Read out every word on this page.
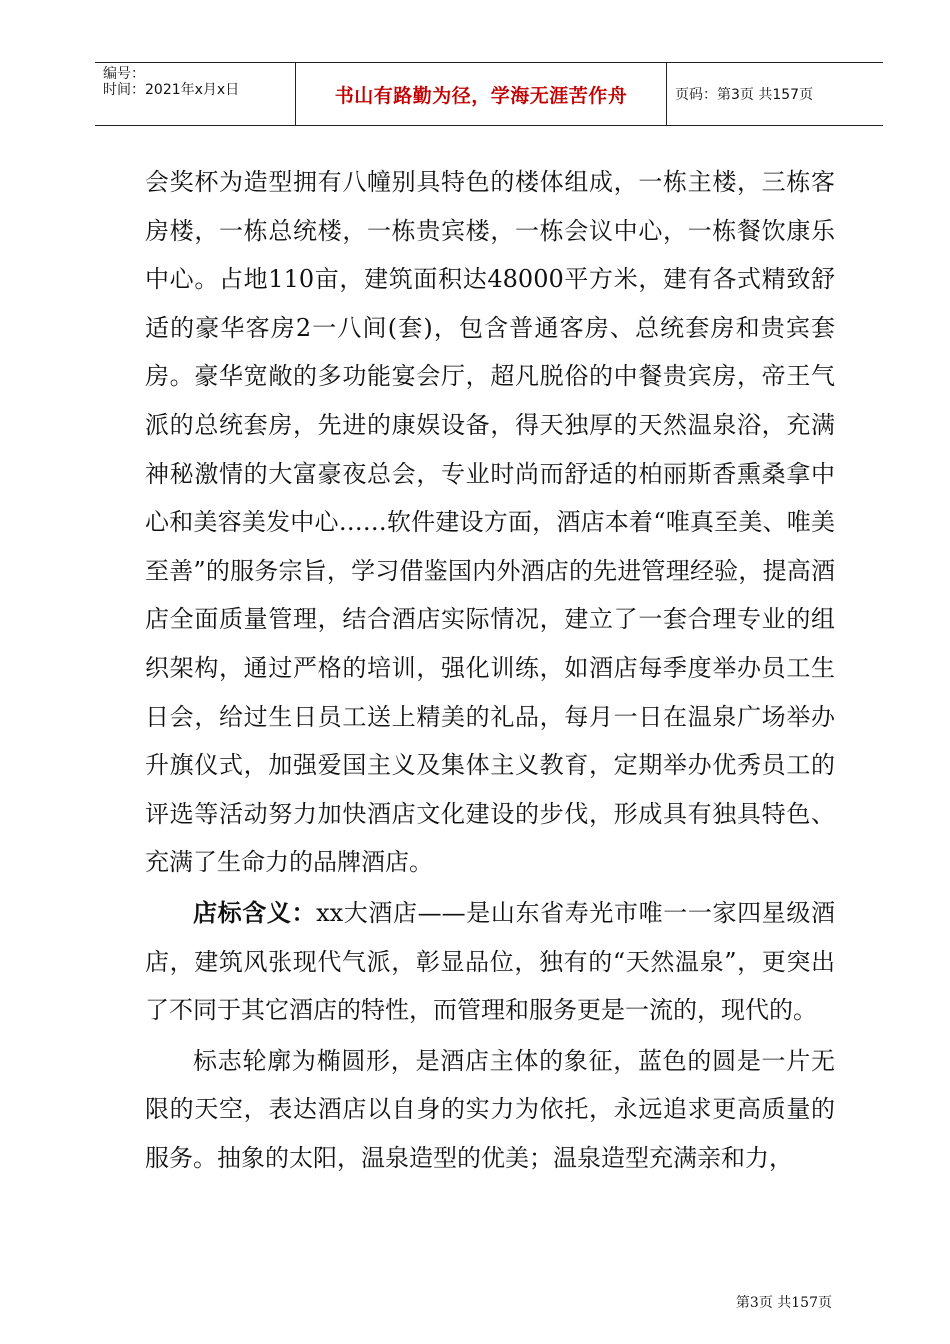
编号：
时间：2021年x月x日	书山有路勤为径，学海无涯苦作舟	页码：第3页 共157页

会奖杯为造型拥有八幢别具特色的楼体组成，一栋主楼，三栋客房楼，一栋总统楼，一栋贵宾楼，一栋会议中心，一栋餐饮康乐中心。占地110亩，建筑面积达48000平方米，建有各式精致舒适的豪华客房2一八间(套)，包含普通客房、总统套房和贵宾套房。豪华宽敞的多功能宴会厅，超凡脱俗的中餐贵宾房，帝王气派的总统套房，先进的康娱设备，得天独厚的天然温泉浴，充满神秘激情的大富豪夜总会，专业时尚而舒适的柏丽斯香熏桑拿中心和美容美发中心……软件建设方面，酒店本着“唯真至美、唯美至善”的服务宗旨，学习借鉴国内外酒店的先进管理经验，提高酒店全面质量管理，结合酒店实际情况，建立了一套合理专业的组织架构，通过严格的培训，强化训练，如酒店每季度举办员工生日会，给过生日员工送上精美的礼品，每月一日在温泉广场举办升旗仪式，加强爱国主义及集体主义教育，定期举办优秀员工的评选等活动努力加快酒店文化建设的步伐，形成具有独具特色、充满了生命力的品牌酒店。

店标含义：xx大酒店——是山东省寿光市唯一一家四星级酒店，建筑风张现代气派，彰显品位，独有的“天然温泉”，更突出了不同于其它酒店的特性，而管理和服务更是一流的，现代的。

标志轮廓为椭圆形，是酒店主体的象征，蓝色的圆是一片无限的天空，表达酒店以自身的实力为依托，永远追求更高质量的服务。抽象的太阳，温泉造型的优美；温泉造型充满亲和力，

第3页 共157页
